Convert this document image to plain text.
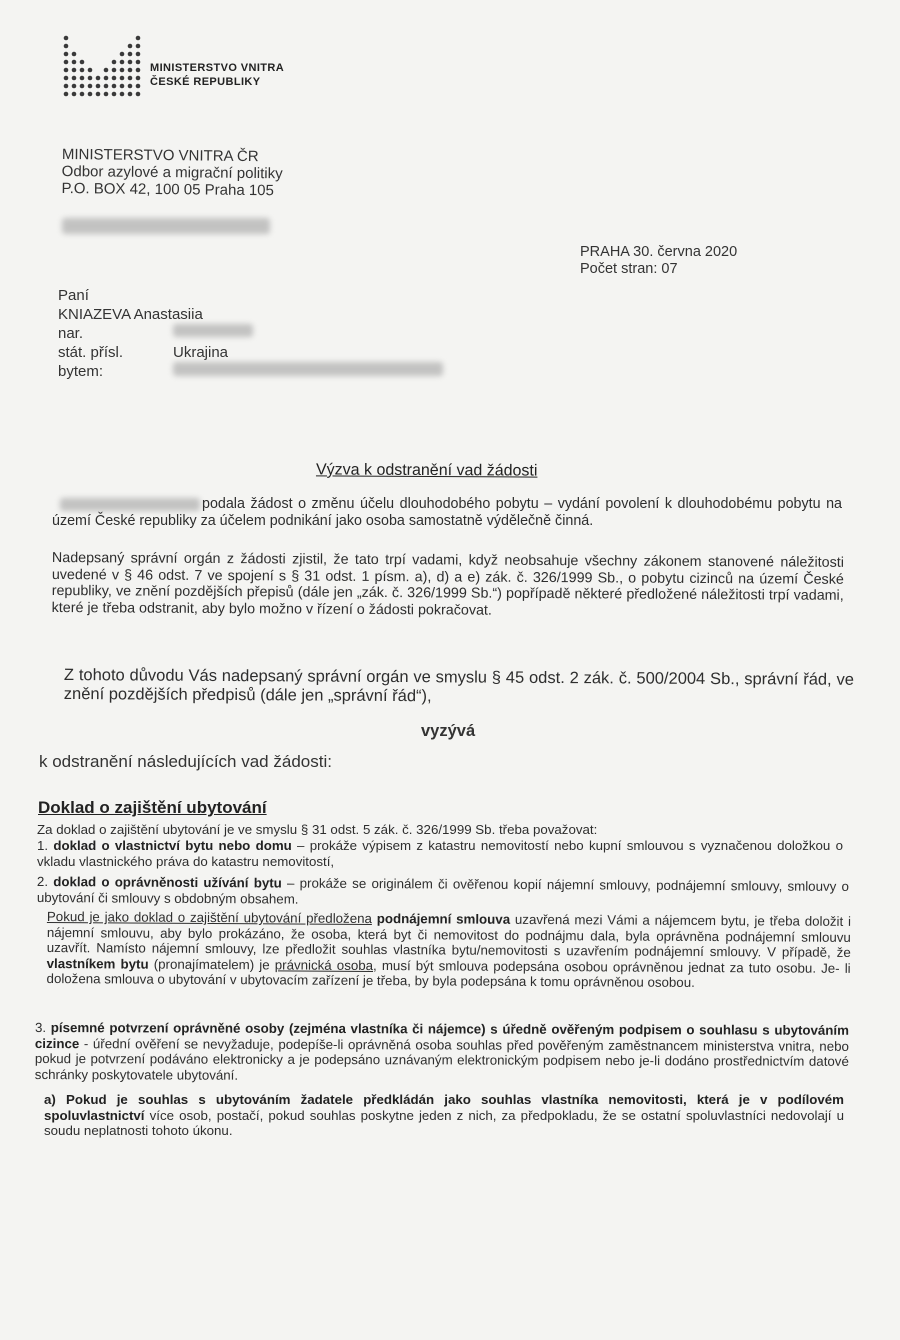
MINISTERSTVO VNITRA
ČESKÉ REPUBLIKY
MINISTERSTVO VNITRA ČR
Odbor azylové a migrační politiky
P.O. BOX 42, 100 05 Praha 105
PRAHA 30. června 2020
Počet stran: 07
Paní
KNIAZEVA Anastasiia
nar.
stát. přísl.	Ukrajina
bytem:
Výzva k odstranění vad žádosti
podala žádost o změnu účelu dlouhodobého pobytu – vydání povolení k dlouhodobému pobytu na území České republiky za účelem podnikání jako osoba samostatně výdělečně činná.
Nadepsaný správní orgán z žádosti zjistil, že tato trpí vadami, když neobsahuje všechny zákonem stanovené náležitosti uvedené v § 46 odst. 7 ve spojení s § 31 odst. 1 písm. a), d) a e) zák. č. 326/1999 Sb., o pobytu cizinců na území České republiky, ve znění pozdějších přepisů (dále jen „zák. č. 326/1999 Sb.“) popřípadě některé předložené náležitosti trpí vadami, které je třeba odstranit, aby bylo možno v řízení o žádosti pokračovat.
Z tohoto důvodu Vás nadepsaný správní orgán ve smyslu § 45 odst. 2 zák. č. 500/2004 Sb., správní řád, ve znění pozdějších předpisů (dále jen „správní řád“),
vyzývá
k odstranění následujících vad žádosti:
Doklad o zajištění ubytování
Za doklad o zajištění ubytování je ve smyslu § 31 odst. 5 zák. č. 326/1999 Sb. třeba považovat:
1. doklad o vlastnictví bytu nebo domu – prokáže výpisem z katastru nemovitostí nebo kupní smlouvou s vyznačenou doložkou o vkladu vlastnického práva do katastru nemovitostí,
2. doklad o oprávněnosti užívání bytu – prokáže se originálem či ověřenou kopií nájemní smlouvy, podnájemní smlouvy, smlouvy o ubytování či smlouvy s obdobným obsahem.
Pokud je jako doklad o zajištění ubytování předložena podnájemní smlouva uzavřená mezi Vámi a nájemcem bytu, je třeba doložit i nájemní smlouvu, aby bylo prokázáno, že osoba, která byt či nemovitost do podnájmu dala, byla oprávněna podnájemní smlouvu uzavřít. Namísto nájemní smlouvy, lze předložit souhlas vlastníka bytu/nemovitosti s uzavřením podnájemní smlouvy. V případě, že vlastníkem bytu (pronajímatelem) je právnická osoba, musí být smlouva podepsána osobou oprávněnou jednat za tuto osobu. Je- li doložena smlouva o ubytování v ubytovacím zařízení je třeba, by byla podepsána k tomu oprávněnou osobou.
3. písemné potvrzení oprávněné osoby (zejména vlastníka či nájemce) s úředně ověřeným podpisem o souhlasu s ubytováním cizince - úřední ověření se nevyžaduje, podepíše-li oprávněná osoba souhlas před pověřeným zaměstnancem ministerstva vnitra, nebo pokud je potvrzení podáváno elektronicky a je podepsáno uznávaným elektronickým podpisem nebo je-li dodáno prostřednictvím datové schránky poskytovatele ubytování.
a) Pokud je souhlas s ubytováním žadatele předkládán jako souhlas vlastníka nemovitosti, která je v podílovém spoluvlastnictví více osob, postačí, pokud souhlas poskytne jeden z nich, za předpokladu, že se ostatní spoluvlastníci nedovolají u soudu neplatnosti tohoto úkonu.
